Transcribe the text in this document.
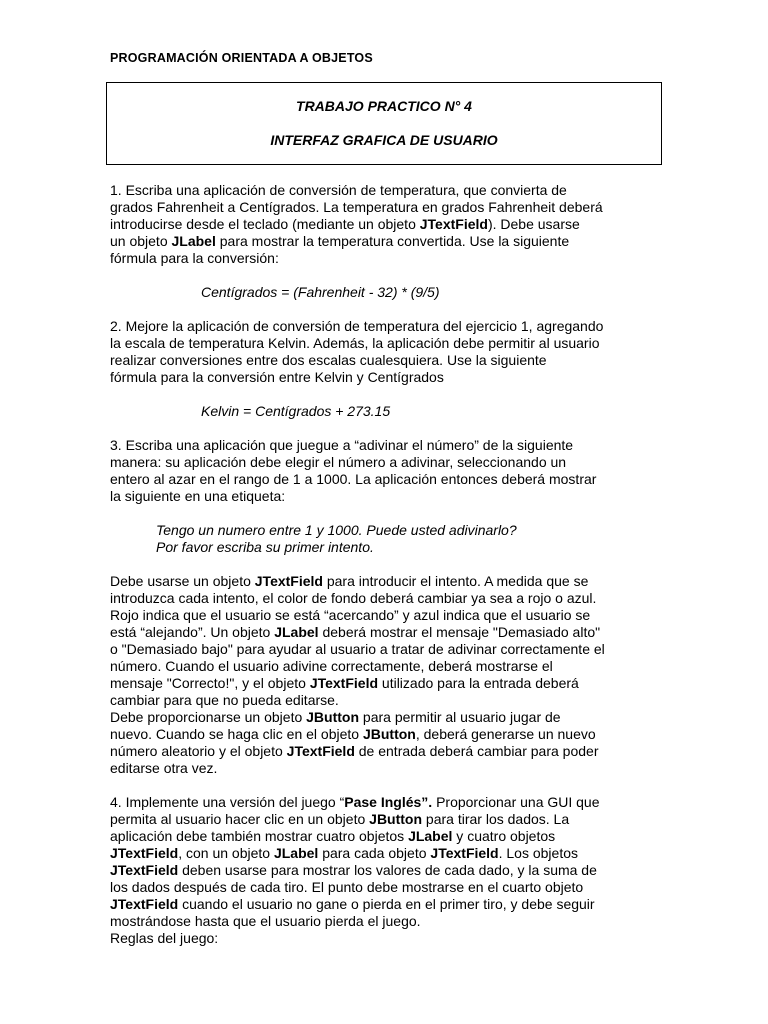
PROGRAMACIÓN ORIENTADA A OBJETOS
TRABAJO PRACTICO N° 4
INTERFAZ GRAFICA DE USUARIO

1. Escriba una aplicación de conversión de temperatura, que convierta de

grados Fahrenheit a Centígrados. La temperatura en grados Fahrenheit deberá

introducirse desde el teclado (mediante un objeto JTextField). Debe usarse

un objeto JLabel para mostrar la temperatura convertida. Use la siguiente

fórmula para la conversión:

Centígrados = (Fahrenheit - 32) * (9/5)

2. Mejore la aplicación de conversión de temperatura del ejercicio 1, agregando

la escala de temperatura Kelvin. Además, la aplicación debe permitir al usuario

realizar conversiones entre dos escalas cualesquiera. Use la siguiente

fórmula para la conversión entre Kelvin y Centígrados

Kelvin = Centígrados + 273.15

3. Escriba una aplicación que juegue a “adivinar el número” de la siguiente

manera: su aplicación debe elegir el número a adivinar, seleccionando un

entero al azar en el rango de 1 a 1000. La aplicación entonces deberá mostrar

la siguiente en una etiqueta:

Tengo un numero entre 1 y 1000. Puede usted adivinarlo?

Por favor escriba su primer intento.

Debe usarse un objeto JTextField para introducir el intento. A medida que se

introduzca cada intento, el color de fondo deberá cambiar ya sea a rojo o azul.

Rojo indica que el usuario se está “acercando” y azul indica que el usuario se

está “alejando”. Un objeto JLabel deberá mostrar el mensaje "Demasiado alto"

o "Demasiado bajo" para ayudar al usuario a tratar de adivinar correctamente el

número. Cuando el usuario adivine correctamente, deberá mostrarse el

mensaje "Correcto!", y el objeto JTextField utilizado para la entrada deberá

cambiar para que no pueda editarse.

Debe proporcionarse un objeto JButton para permitir al usuario jugar de

nuevo. Cuando se haga clic en el objeto JButton, deberá generarse un nuevo

número aleatorio y el objeto JTextField de entrada deberá cambiar para poder

editarse otra vez.

4. Implemente una versión del juego “Pase Inglés”. Proporcionar una GUI que

permita al usuario hacer clic en un objeto JButton para tirar los dados. La

aplicación debe también mostrar cuatro objetos JLabel y cuatro objetos

JTextField, con un objeto JLabel para cada objeto JTextField. Los objetos

JTextField deben usarse para mostrar los valores de cada dado, y la suma de

los dados después de cada tiro. El punto debe mostrarse en el cuarto objeto

JTextField cuando el usuario no gane o pierda en el primer tiro, y debe seguir

mostrándose hasta que el usuario pierda el juego.

Reglas del juego:
